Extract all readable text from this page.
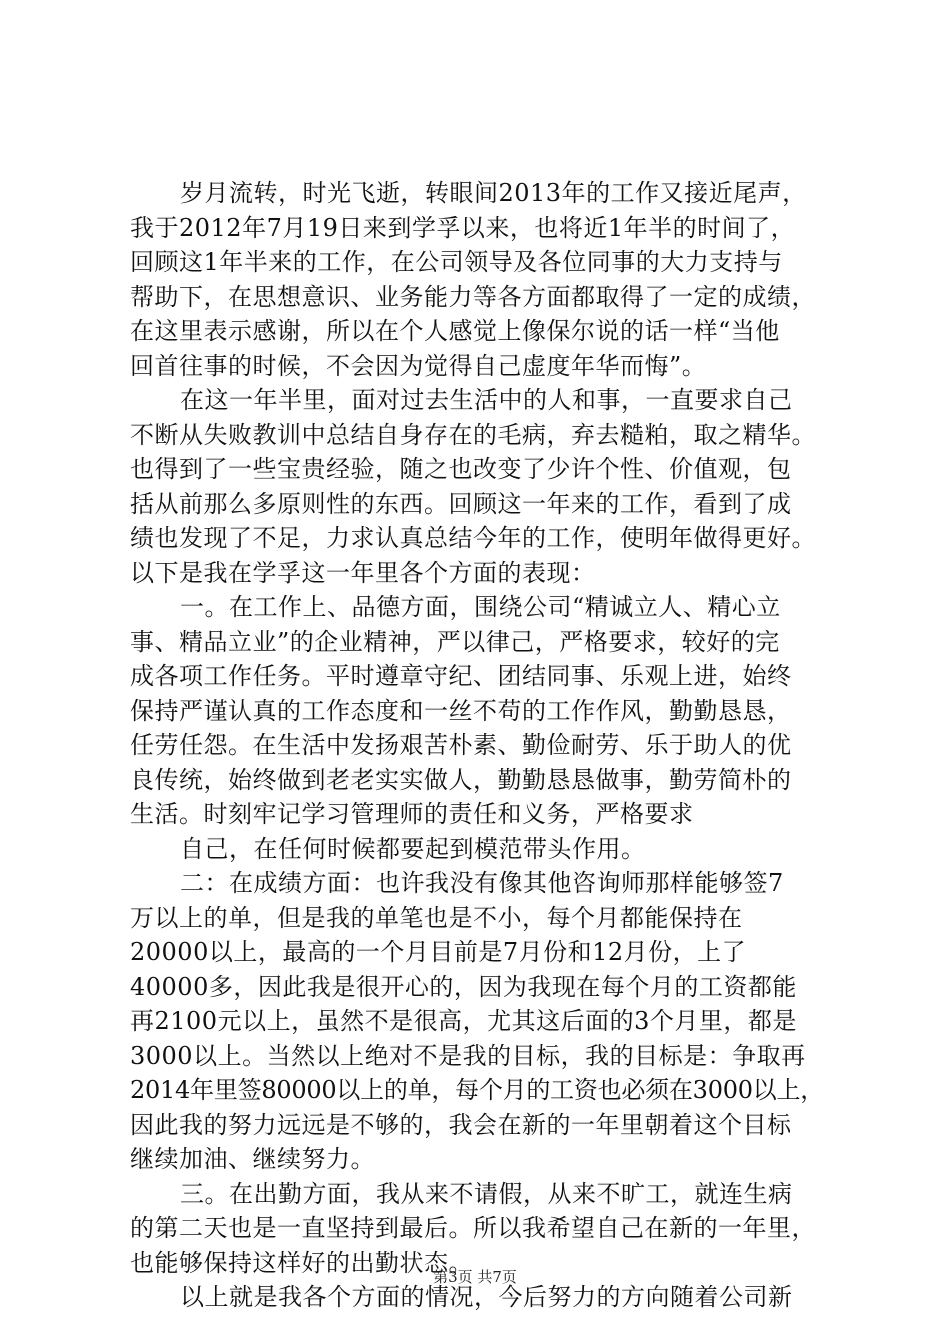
岁月流转，时光飞逝，转眼间2013年的工作又接近尾声，
我于2012年7月19日来到学孚以来，也将近1年半的时间了，
回顾这1年半来的工作，在公司领导及各位同事的大力支持与
帮助下，在思想意识、业务能力等各方面都取得了一定的成绩，
在这里表示感谢，所以在个人感觉上像保尔说的话一样“当他
回首往事的时候，不会因为觉得自己虚度年华而悔”。
在这一年半里，面对过去生活中的人和事，一直要求自己
不断从失败教训中总结自身存在的毛病，弃去糙粕，取之精华。
也得到了一些宝贵经验，随之也改变了少许个性、价值观，包
括从前那么多原则性的东西。回顾这一年来的工作，看到了成
绩也发现了不足，力求认真总结今年的工作，使明年做得更好。
以下是我在学孚这一年里各个方面的表现：
一。在工作上、品德方面，围绕公司“精诚立人、精心立
事、精品立业”的企业精神，严以律己，严格要求，较好的完
成各项工作任务。平时遵章守纪、团结同事、乐观上进，始终
保持严谨认真的工作态度和一丝不苟的工作作风，勤勤恳恳，
任劳任怨。在生活中发扬艰苦朴素、勤俭耐劳、乐于助人的优
良传统，始终做到老老实实做人，勤勤恳恳做事，勤劳简朴的
生活。时刻牢记学习管理师的责任和义务，严格要求
自己，在任何时候都要起到模范带头作用。
二：在成绩方面：也许我没有像其他咨询师那样能够签7
万以上的单，但是我的单笔也是不小，每个月都能保持在
20000以上，最高的一个月目前是7月份和12月份，上了
40000多，因此我是很开心的，因为我现在每个月的工资都能
再2100元以上，虽然不是很高，尤其这后面的3个月里，都是
3000以上。当然以上绝对不是我的目标，我的目标是：争取再
2014年里签80000以上的单，每个月的工资也必须在3000以上，
因此我的努力远远是不够的，我会在新的一年里朝着这个目标
继续加油、继续努力。
三。在出勤方面，我从来不请假，从来不旷工，就连生病
的第二天也是一直坚持到最后。所以我希望自己在新的一年里，
也能够保持这样好的出勤状态。
以上就是我各个方面的情况，今后努力的方向随着公司新
第3页 共7页
